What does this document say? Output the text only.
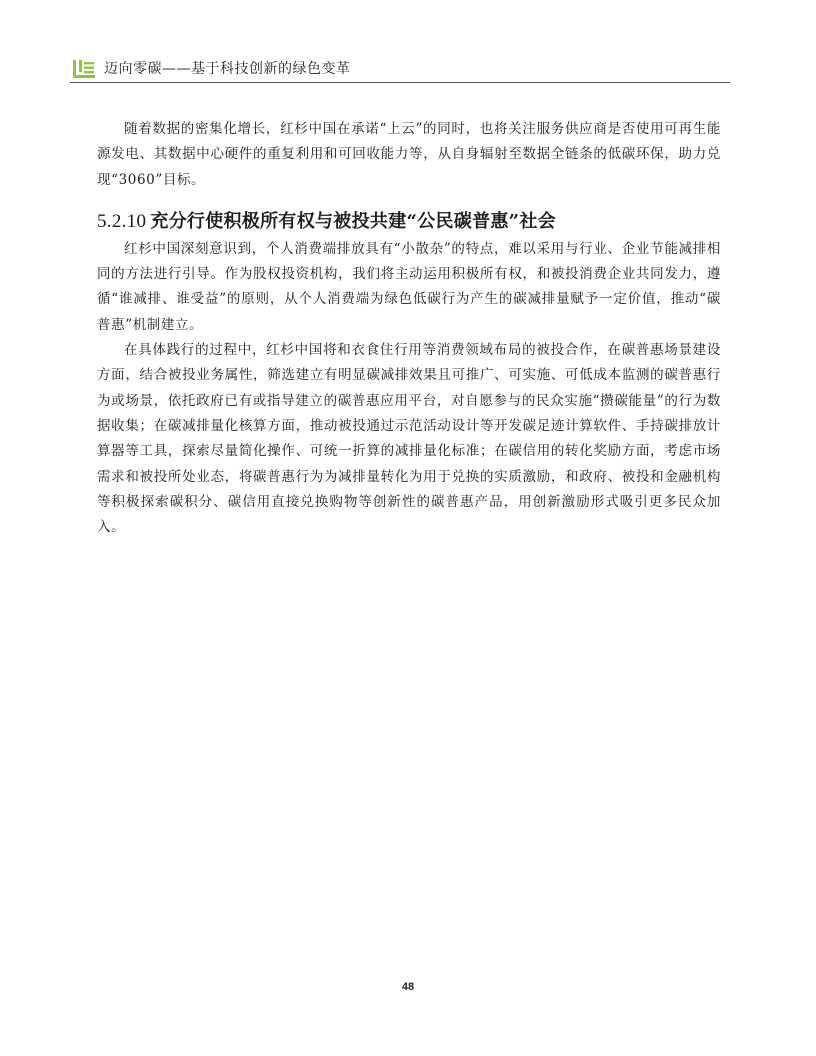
迈向零碳——基于科技创新的绿色变革

随着数据的密集化增长，红杉中国在承诺“上云”的同时，也将关注服务供应商是否使用可再生能源发电、其数据中心硬件的重复利用和可回收能力等，从自身辐射至数据全链条的低碳环保，助力兑现“3060”目标。

5.2.10 充分行使积极所有权与被投共建“公民碳普惠”社会

红杉中国深刻意识到，个人消费端排放具有“小散杂”的特点，难以采用与行业、企业节能减排相同的方法进行引导。作为股权投资机构，我们将主动运用积极所有权，和被投消费企业共同发力，遵循“谁减排、谁受益”的原则，从个人消费端为绿色低碳行为产生的碳减排量赋予一定价值，推动“碳普惠”机制建立。

在具体践行的过程中，红杉中国将和衣食住行用等消费领域布局的被投合作，在碳普惠场景建设方面，结合被投业务属性，筛选建立有明显碳减排效果且可推广、可实施、可低成本监测的碳普惠行为或场景，依托政府已有或指导建立的碳普惠应用平台，对自愿参与的民众实施“攒碳能量”的行为数据收集；在碳减排量化核算方面，推动被投通过示范活动设计等开发碳足迹计算软件、手持碳排放计算器等工具，探索尽量简化操作、可统一折算的减排量化标准；在碳信用的转化奖励方面，考虑市场需求和被投所处业态，将碳普惠行为为减排量转化为用于兑换的实质激励，和政府、被投和金融机构等积极探索碳积分、碳信用直接兑换购物等创新性的碳普惠产品，用创新激励形式吸引更多民众加入。

48
